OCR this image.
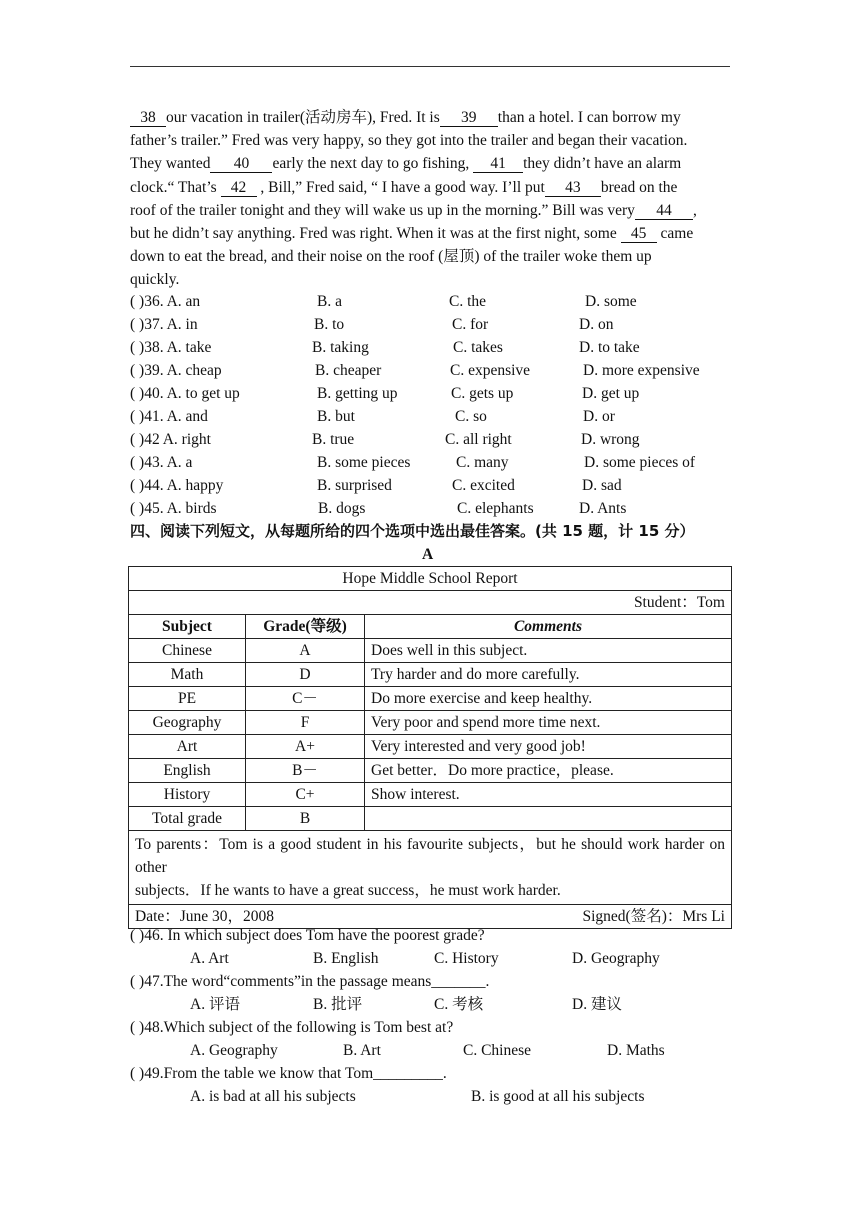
38 our vacation in trailer(活动房车), Fred. It is 39 than a hotel. I can borrow my
father’s trailer.” Fred was very happy, so they got into the trailer and began their vacation.
They wanted 40 early the next day to go fishing, 41 they didn’t have an alarm
clock.“ That’s 42 , Bill,” Fred said, “ I have a good way. I’ll put 43 bread on the
roof of the trailer tonight and they will wake us up in the morning.” Bill was very 44 ,
but he didn’t say anything. Fred was right. When it was at the first night, some 45 came
down to eat the bread, and their noise on the roof (屋顶) of the trailer woke them up
quickly.
( )36. A. an	B. a	C. the	D. some
( )37. A. in	B. to	C. for	D. on
( )38. A. take	B. taking	C. takes	D. to take
( )39. A. cheap	B. cheaper	C. expensive	D. more expensive
( )40. A. to get up	B. getting up	C. gets up	D. get up
( )41. A. and	B. but	C. so	D. or
( )42 A. right	B. true	C. all right	D. wrong
( )43. A. a	B. some pieces	C. many	D. some pieces of
( )44. A. happy	B. surprised	C. excited	D. sad
( )45. A. birds	B. dogs	C. elephants	D. Ants
四、阅读下列短文，从每题所给的四个选项中选出最佳答案。(共 15 题，计 15 分）
A
Hope Middle School Report		
Student：Tom		
Subject	Grade(等级)	Comments
Chinese	A	Does well in this subject.
Math	D	Try harder and do more carefully.
PE	C－	Do more exercise and keep healthy.
Geography	F	Very poor and spend more time next.
Art	A+	Very interested and very good job!
English	B－	Get better．Do more practice，please.
History	C+	Show interest.
Total grade	B	
To parents：Tom is a good student in his favourite subjects，but he should work harder on other
subjects．If he wants to have a great success，he must work harder.		
Date：June 30，2008 Signed(签名)：Mrs Li		
( )46. In which subject does Tom have the poorest grade?
A. Art	B. English	C. History	D. Geography
( )47.The word“comments”in the passage means_______.
A. 评语	B. 批评	C. 考核	D. 建议
( )48.Which subject of the following is Tom best at?
A. Geography	B. Art	C. Chinese	D. Maths
( )49.From the table we know that Tom_________.
A. is bad at all his subjects	B. is good at all his subjects
